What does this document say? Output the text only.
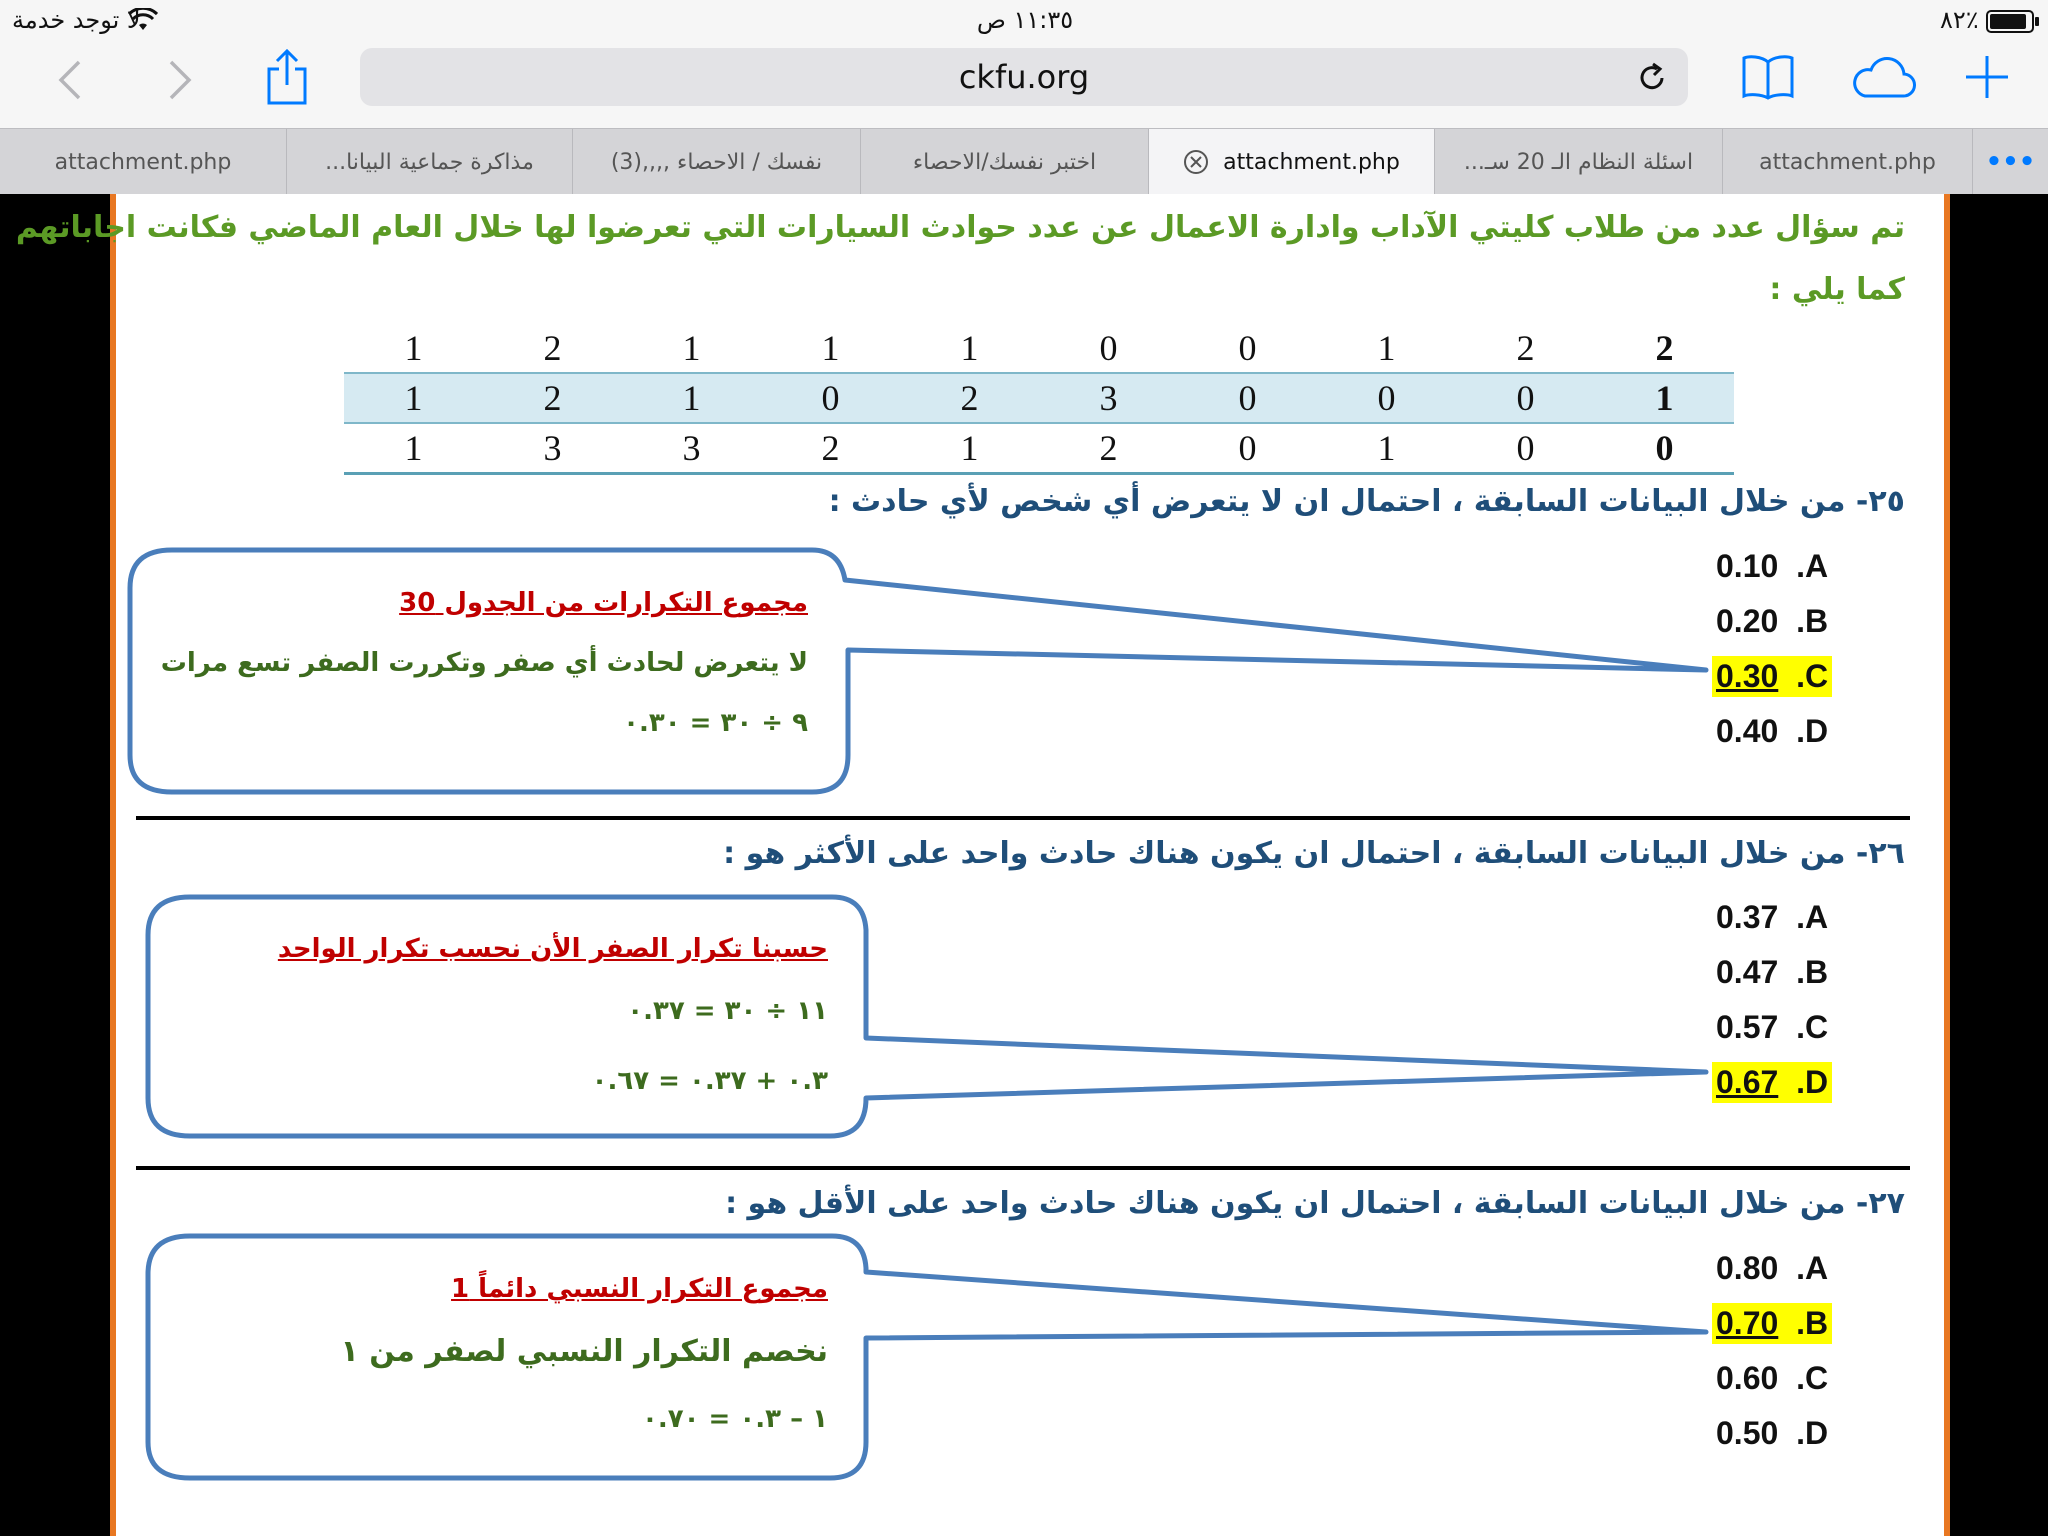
لا توجد خدمة	١١:٣٥ ص	٨٢٪
ckfu.org
attachment.php	مذاكرة جماعية البيانا...	نفسك / الاحصاء ,,,,(3)	اختبر نفسك/الاحصاء	attachment.php	اسئلة النظام الـ 20 سـ...	attachment.php	•••
تم سؤال عدد من طلاب كليتي الآداب وادارة الاعمال عن عدد حوادث السيارات التي تعرضوا لها خلال العام الماضي فكانت اجاباتهم
كما يلي :
1	2	1	1	1	0	0	1	2	2
1	2	1	0	2	3	0	0	0	1
1	3	3	2	1	2	0	1	0	0
٢٥- من خلال البيانات السابقة ، احتمال ان لا يتعرض أي شخص لأي حادث :
A.  0.10
B.  0.20
C.  0.30
D.  0.40
مجموع التكرارات من الجدول 30
لا يتعرض لحادث أي صفر وتكررت الصفر تسع مرات
٩ ÷ ٣٠ = ٠.٣٠
٢٦- من خلال البيانات السابقة ، احتمال ان يكون هناك حادث واحد على الأكثر هو :
A.  0.37
B.  0.47
C.  0.57
D.  0.67
حسبنا تكرار الصفر الأن نحسب تكرار الواحد
١١ ÷ ٣٠ = ٠.٣٧
٠.٣ + ٠.٣٧ = ٠.٦٧
٢٧- من خلال البيانات السابقة ، احتمال ان يكون هناك حادث واحد على الأقل هو :
A.  0.80
B.  0.70
C.  0.60
D.  0.50
مجموع التكرار النسبي دائماً 1
نخصم التكرار النسبي لصفر من ١
١ – ٠.٣ = ٠.٧٠
